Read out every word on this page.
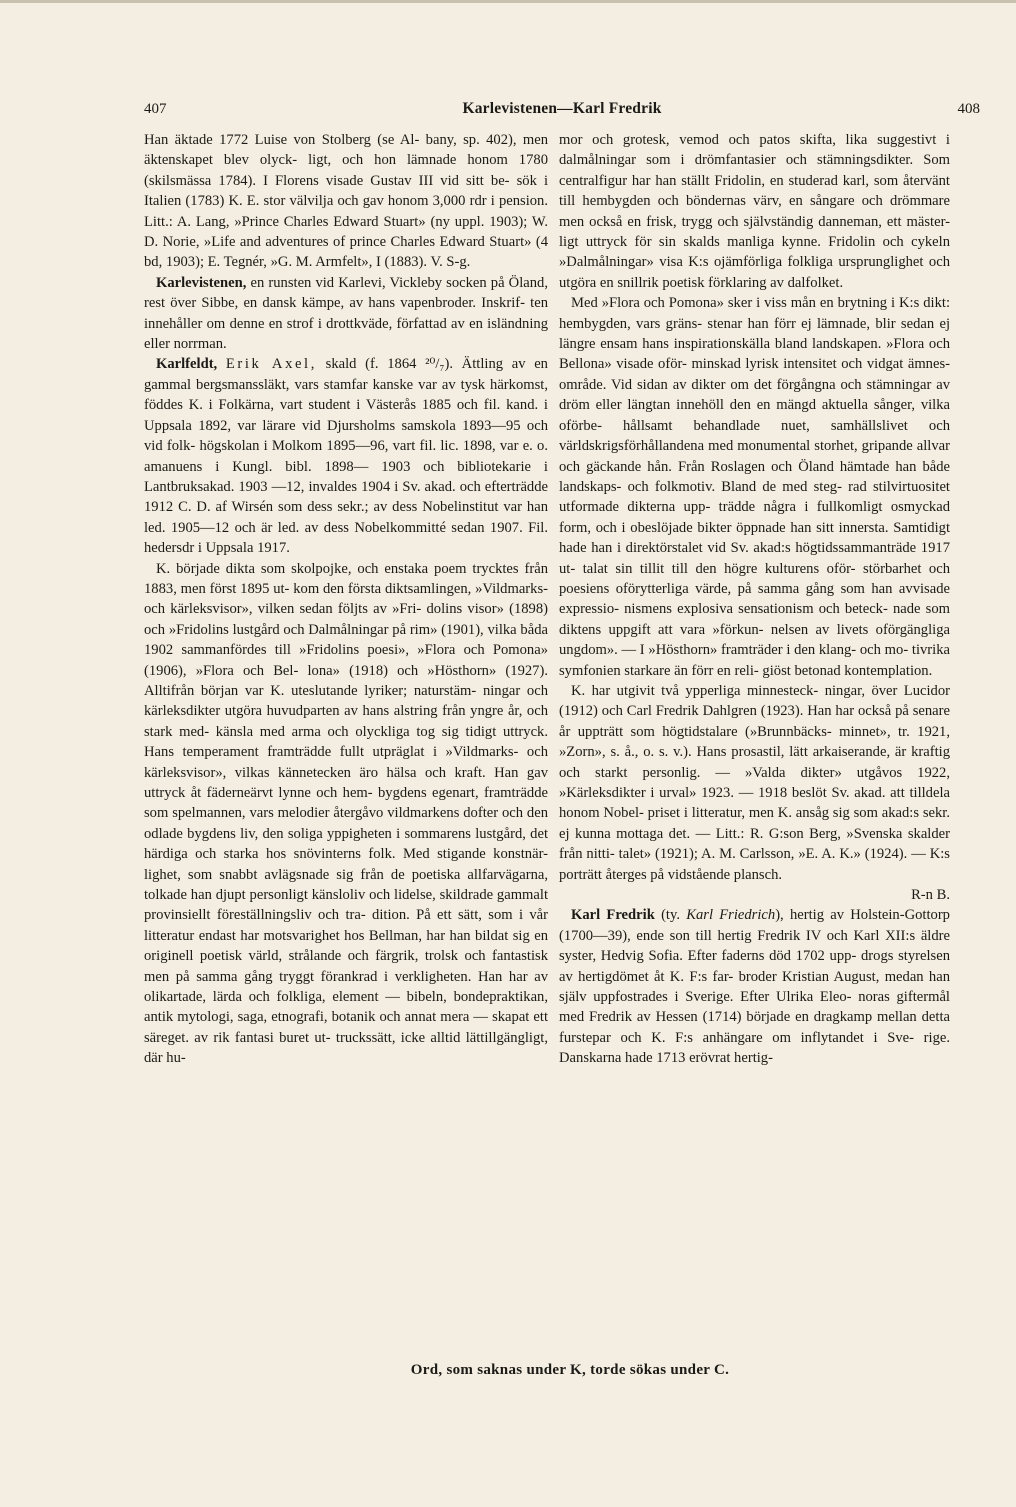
407	Karlevistenen—Karl Fredrik	408

Han äktade 1772 Luise von Stolberg (se Al- bany, sp. 402), men äktenskapet blev olyck- ligt, och hon lämnade honom 1780 (skilsmässa 1784). I Florens visade Gustav III vid sitt be- sök i Italien (1783) K. E. stor välvilja och gav honom 3,000 rdr i pension. Litt.: A. Lang, »Prince Charles Edward Stuart» (ny uppl. 1903); W. D. Norie, »Life and adventures of prince Charles Edward Stuart» (4 bd, 1903); E. Tegnér, »G. M. Armfelt», I (1883). V. S-g.

Karlevistenen, en runsten vid Karlevi, Vickleby socken på Öland, rest över Sibbe, en dansk kämpe, av hans vapenbroder. Inskrif- ten innehåller om denne en strof i drottkväde, författad av en isländning eller norrman.

Karlfeldt, Erik Axel, skald (f. 1864 ²⁰/₇). Ättling av en gammal bergsmanssläkt, vars stamfar kanske var av tysk härkomst, föddes K. i Folkärna, vart student i Västerås 1885 och fil. kand. i Uppsala 1892, var lärare vid Djursholms samskola 1893—95 och vid folk- högskolan i Molkom 1895—96, vart fil. lic. 1898, var e. o. amanuens i Kungl. bibl. 1898— 1903 och bibliotekarie i Lantbruksakad. 1903 —12, invaldes 1904 i Sv. akad. och efterträdde 1912 C. D. af Wirsén som dess sekr.; av dess Nobelinstitut var han led. 1905—12 och är led. av dess Nobelkommitté sedan 1907. Fil. hedersdr i Uppsala 1917.

K. började dikta som skolpojke, och enstaka poem trycktes från 1883, men först 1895 ut- kom den första diktsamlingen, »Vildmarks- och kärleksvisor», vilken sedan följts av »Fri- dolins visor» (1898) och »Fridolins lustgård och Dalmålningar på rim» (1901), vilka båda 1902 sammanfördes till »Fridolins poesi», »Flora och Pomona» (1906), »Flora och Bel- lona» (1918) och »Hösthorn» (1927). Alltifrån början var K. uteslutande lyriker; naturstäm- ningar och kärleksdikter utgöra huvudparten av hans alstring från yngre år, och stark med- känsla med arma och olyckliga tog sig tidigt uttryck. Hans temperament framträdde fullt utpräglat i »Vildmarks- och kärleksvisor», vilkas kännetecken äro hälsa och kraft. Han gav uttryck åt fäderneärvt lynne och hem- bygdens egenart, framträdde som spelmannen, vars melodier återgåvo vildmarkens dofter och den odlade bygdens liv, den soliga yppigheten i sommarens lustgård, det härdiga och starka hos snövinterns folk. Med stigande konstnär- lighet, som snabbt avlägsnade sig från de poetiska allfarvägarna, tolkade han djupt personligt känsloliv och lidelse, skildrade gammalt provinsiellt föreställningsliv och tra- dition. På ett sätt, som i vår litteratur endast har motsvarighet hos Bellman, har han bildat sig en originell poetisk värld, strålande och färgrik, trolsk och fantastisk men på samma gång tryggt förankrad i verkligheten. Han har av olikartade, lärda och folkliga, element — bibeln, bondepraktikan, antik mytologi, saga, etnografi, botanik och annat mera — skapat ett säreget. av rik fantasi buret ut- truckssätt, icke alltid lättillgängligt, där hu-

mor och grotesk, vemod och patos skifta, lika suggestivt i dalmålningar som i drömfantasier och stämningsdikter. Som centralfigur har han ställt Fridolin, en studerad karl, som återvänt till hembygden och böndernas värv, en sångare och drömmare men också en frisk, trygg och självständig danneman, ett mäster- ligt uttryck för sin skalds manliga kynne. Fridolin och cykeln »Dalmålningar» visa K:s ojämförliga folkliga ursprunglighet och utgöra en snillrik poetisk förklaring av dalfolket.

Med »Flora och Pomona» sker i viss mån en brytning i K:s dikt: hembygden, vars gräns- stenar han förr ej lämnade, blir sedan ej längre ensam hans inspirationskälla bland landskapen. »Flora och Bellona» visade oför- minskad lyrisk intensitet och vidgat ämnes- område. Vid sidan av dikter om det förgångna och stämningar av dröm eller längtan innehöll den en mängd aktuella sånger, vilka oförbe- hållsamt behandlade nuet, samhällslivet och världskrigsförhållandena med monumental storhet, gripande allvar och gäckande hån. Från Roslagen och Öland hämtade han både landskaps- och folkmotiv. Bland de med steg- rad stilvirtuositet utformade dikterna upp- trädde några i fullkomligt osmyckad form, och i obeslöjade bikter öppnade han sitt innersta. Samtidigt hade han i direktörstalet vid Sv. akad:s högtidssammanträde 1917 ut- talat sin tillit till den högre kulturens oför- störbarhet och poesiens oförytterliga värde, på samma gång som han avvisade expressio- nismens explosiva sensationism och beteck- nade som diktens uppgift att vara »förkun- nelsen av livets oförgängliga ungdom». — I »Hösthorn» framträder i den klang- och mo- tivrika symfonien starkare än förr en reli- giöst betonad kontemplation.

K. har utgivit två ypperliga minnesteck- ningar, över Lucidor (1912) och Carl Fredrik Dahlgren (1923). Han har också på senare år uppträtt som högtidstalare (»Brunnbäcks- minnet», tr. 1921, »Zorn», s. å., o. s. v.). Hans prosastil, lätt arkaiserande, är kraftig och starkt personlig. — »Valda dikter» utgåvos 1922, »Kärleksdikter i urval» 1923. — 1918 beslöt Sv. akad. att tilldela honom Nobel- priset i litteratur, men K. ansåg sig som akad:s sekr. ej kunna mottaga det. — Litt.: R. G:son Berg, »Svenska skalder från nitti- talet» (1921); A. M. Carlsson, »E. A. K.» (1924). — K:s porträtt återges på vidstående plansch.
R-n B.

Karl Fredrik (ty. Karl Friedrich), hertig av Holstein-Gottorp (1700—39), ende son till hertig Fredrik IV och Karl XII:s äldre syster, Hedvig Sofia. Efter faderns död 1702 upp- drogs styrelsen av hertigdömet åt K. F:s far- broder Kristian August, medan han själv uppfostrades i Sverige. Efter Ulrika Eleo- noras giftermål med Fredrik av Hessen (1714) började en dragkamp mellan detta furstepar och K. F:s anhängare om inflytandet i Sve- rige. Danskarna hade 1713 erövrat hertig-

Ord, som saknas under K, torde sökas under C.
